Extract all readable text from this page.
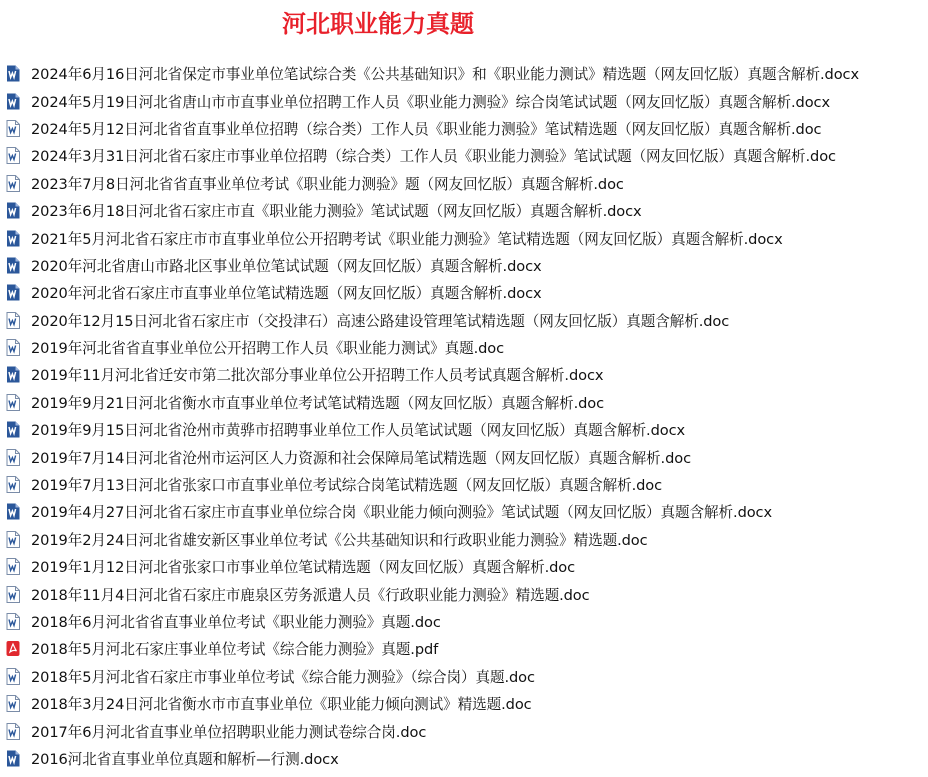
河北职业能力真题
2024年6月16日河北省保定市事业单位笔试综合类《公共基础知识》和《职业能力测试》精选题（网友回忆版）真题含解析.docx
2024年5月19日河北省唐山市市直事业单位招聘工作人员《职业能力测验》综合岗笔试试题（网友回忆版）真题含解析.docx
2024年5月12日河北省省直事业单位招聘（综合类）工作人员《职业能力测验》笔试精选题（网友回忆版）真题含解析.doc
2024年3月31日河北省石家庄市事业单位招聘（综合类）工作人员《职业能力测验》笔试试题（网友回忆版）真题含解析.doc
2023年7月8日河北省省直事业单位考试《职业能力测验》题（网友回忆版）真题含解析.doc
2023年6月18日河北省石家庄市直《职业能力测验》笔试试题（网友回忆版）真题含解析.docx
2021年5月河北省石家庄市市直事业单位公开招聘考试《职业能力测验》笔试精选题（网友回忆版）真题含解析.docx
2020年河北省唐山市路北区事业单位笔试试题（网友回忆版）真题含解析.docx
2020年河北省石家庄市直事业单位笔试精选题（网友回忆版）真题含解析.docx
2020年12月15日河北省石家庄市（交投津石）高速公路建设管理笔试精选题（网友回忆版）真题含解析.doc
2019年河北省省直事业单位公开招聘工作人员《职业能力测试》真题.doc
2019年11月河北省迁安市第二批次部分事业单位公开招聘工作人员考试真题含解析.docx
2019年9月21日河北省衡水市直事业单位考试笔试精选题（网友回忆版）真题含解析.doc
2019年9月15日河北省沧州市黄骅市招聘事业单位工作人员笔试试题（网友回忆版）真题含解析.docx
2019年7月14日河北省沧州市运河区人力资源和社会保障局笔试精选题（网友回忆版）真题含解析.doc
2019年7月13日河北省张家口市直事业单位考试综合岗笔试精选题（网友回忆版）真题含解析.doc
2019年4月27日河北省石家庄市直事业单位综合岗《职业能力倾向测验》笔试试题（网友回忆版）真题含解析.docx
2019年2月24日河北省雄安新区事业单位考试《公共基础知识和行政职业能力测验》精选题.doc
2019年1月12日河北省张家口市事业单位笔试精选题（网友回忆版）真题含解析.doc
2018年11月4日河北省石家庄市鹿泉区劳务派遣人员《行政职业能力测验》精选题.doc
2018年6月河北省省直事业单位考试《职业能力测验》真题.doc
2018年5月河北石家庄事业单位考试《综合能力测验》真题.pdf
2018年5月河北省石家庄市事业单位考试《综合能力测验》（综合岗）真题.doc
2018年3月24日河北省衡水市市直事业单位《职业能力倾向测试》精选题.doc
2017年6月河北省直事业单位招聘职业能力测试卷综合岗.doc
2016河北省直事业单位真题和解析—行测.docx
